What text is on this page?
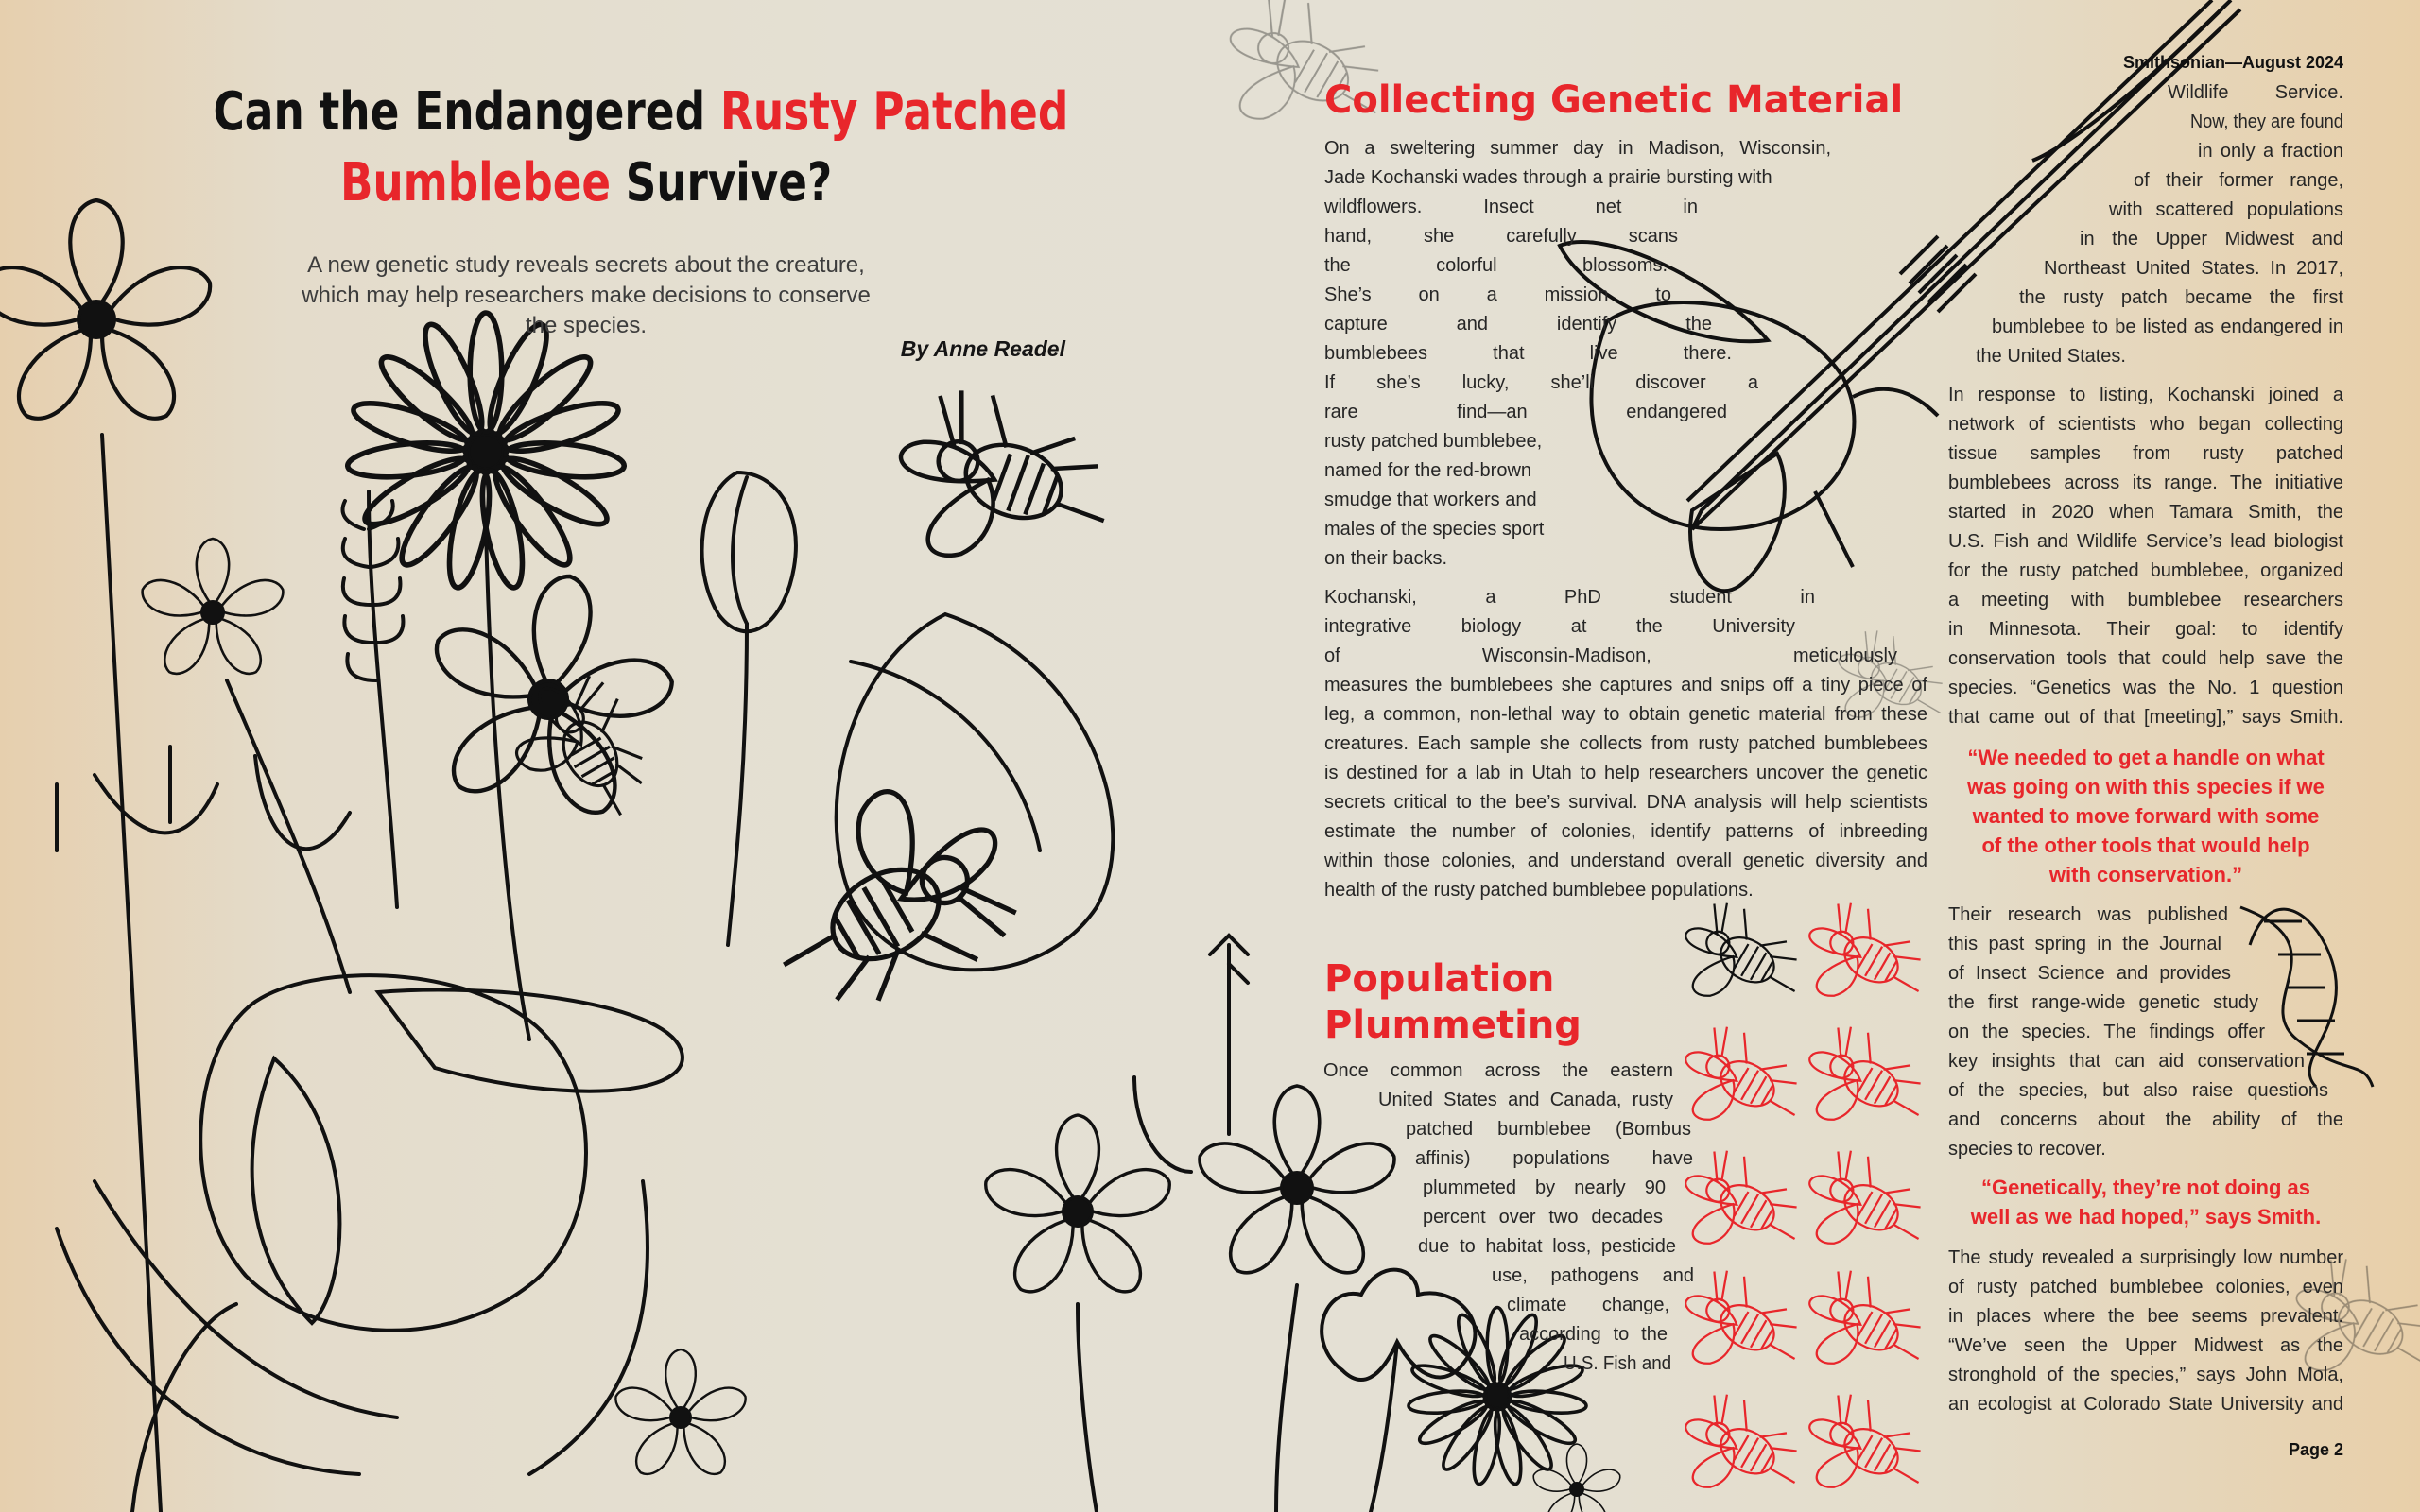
Can the Endangered Rusty Patched
Bumblebee Survive?
A new genetic study reveals secrets about the creature,
which may help researchers make decisions to conserve
the species.
By Anne Readel
Smithsonian—August 2024
Page 2
Collecting Genetic Material
Population
Plummeting
On a sweltering summer day in Madison, Wisconsin,
Jade Kochanski wades through a prairie bursting with
wildflowers. Insect net in
hand, she carefully scans
the colorful blossoms.
She’s on a mission to
capture and identify the
bumblebees that live there.
If she’s lucky, she’ll discover a
rare find—an endangered
rusty patched bumblebee,
named for the red-brown
smudge that workers and
males of the species sport
on their backs.
Kochanski, a PhD student in
integrative biology at the University
of Wisconsin-Madison, meticulously
measures the bumblebees she captures and snips off a tiny piece of
leg, a common, non-lethal way to obtain genetic material from these
creatures. Each sample she collects from rusty patched bumblebees
is destined for a lab in Utah to help researchers uncover the genetic
secrets critical to the bee’s survival. DNA analysis will help scientists
estimate the number of colonies, identify patterns of inbreeding
within those colonies, and understand overall genetic diversity and
health of the rusty patched bumblebee populations.
Once common across the eastern
United States and Canada, rusty
patched bumblebee (Bombus
affinis) populations have
plummeted by nearly 90
percent over two decades
due to habitat loss, pesticide
use, pathogens and
climate change,
according to the
U.S. Fish and
Wildlife Service.
Now, they are found
in only a fraction
of their former range,
with scattered populations
in the Upper Midwest and
Northeast United States. In 2017,
the rusty patch became the first
bumblebee to be listed as endangered in
the United States.
In response to listing, Kochanski joined a
network of scientists who began collecting
tissue samples from rusty patched
bumblebees across its range. The initiative
started in 2020 when Tamara Smith, the
U.S. Fish and Wildlife Service’s lead biologist
for the rusty patched bumblebee, organized
a meeting with bumblebee researchers
in Minnesota. Their goal: to identify
conservation tools that could help save the
species. “Genetics was the No. 1 question
that came out of that [meeting],” says Smith.
Their research was published
this past spring in the Journal
of Insect Science and provides
the first range-wide genetic study
on the species. The findings offer
key insights that can aid conservation
of the species, but also raise questions
and concerns about the ability of the
species to recover.
The study revealed a surprisingly low number
of rusty patched bumblebee colonies, even
in places where the bee seems prevalent.
“We’ve seen the Upper Midwest as the
stronghold of the species,” says John Mola,
an ecologist at Colorado State University and
“We needed to get a handle on what
was going on with this species if we
wanted to move forward with some
of the other tools that would help
with conservation.”
“Genetically, they’re not doing as
well as we had hoped,” says Smith.
